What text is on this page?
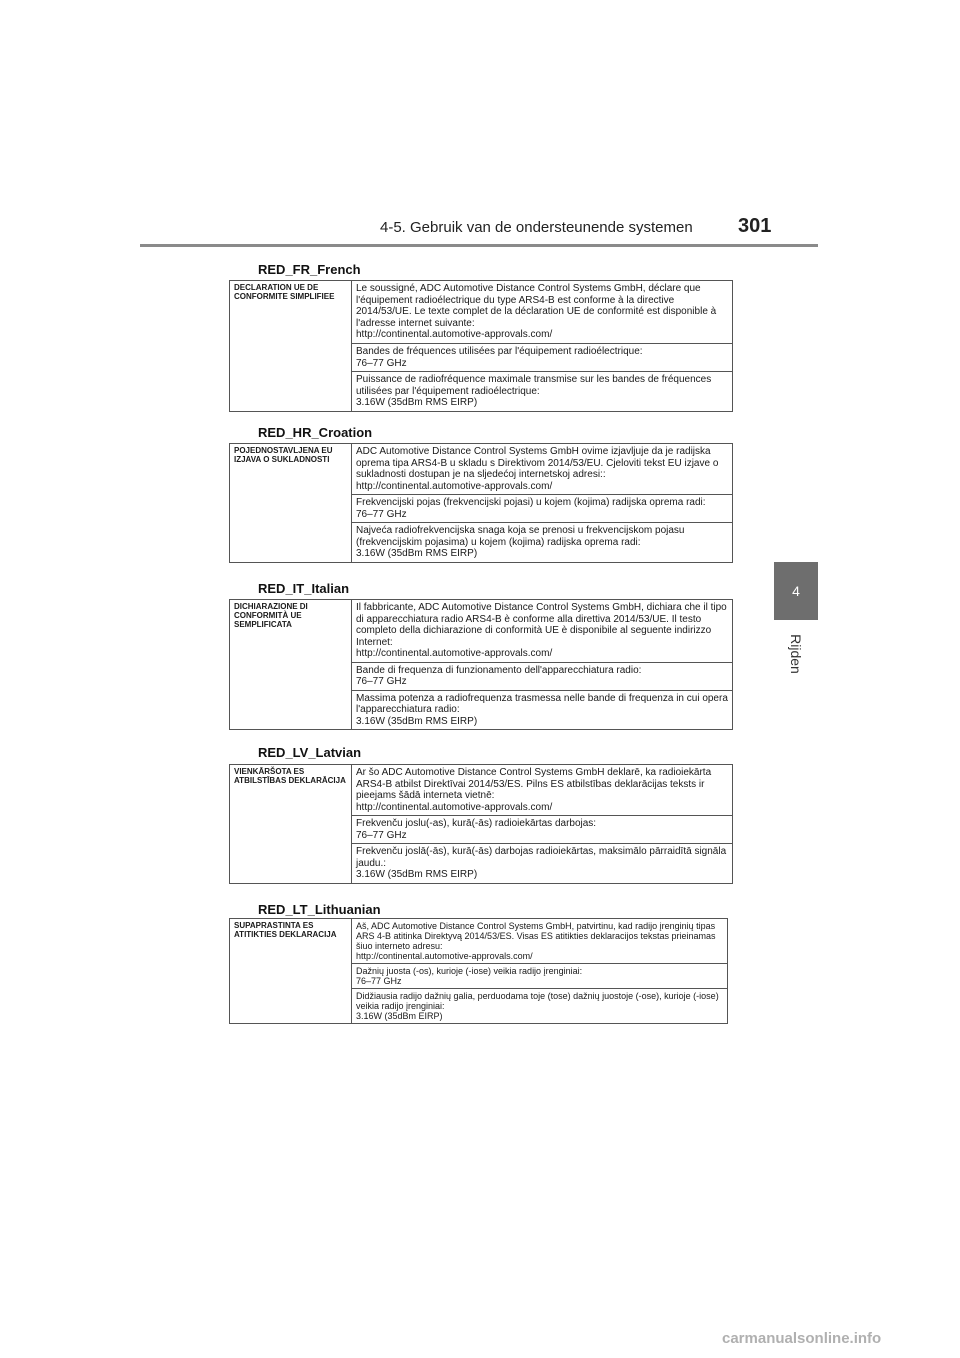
4-5. Gebruik van de ondersteunende systemen 301
4
Rijden
RED_FR_French
DECLARATION UE DE CONFORMITE SIMPLIFIEE	Le soussigné, ADC Automotive Distance Control Systems GmbH, déclare que l'équipement radioélectrique du type ARS4-B est conforme à la directive 2014/53/UE. Le texte complet de la déclaration UE de conformité est disponible à l'adresse internet suivante:
http://continental.automotive-approvals.com/
Bandes de fréquences utilisées par l'équipement radioélectrique:
76–77 GHz
Puissance de radiofréquence maximale transmise sur les bandes de fréquences utilisées par l'équipement radioélectrique:
3.16W (35dBm RMS EIRP)
RED_HR_Croation
POJEDNOSTAVLJENA EU IZJAVA O SUKLADNOSTI	ADC Automotive Distance Control Systems GmbH ovime izjavljuje da je radijska oprema tipa ARS4-B u skladu s Direktivom 2014/53/EU. Cjeloviti tekst EU izjave o sukladnosti dostupan je na sljedećoj internetskoj adresi::
http://continental.automotive-approvals.com/
Frekvencijski pojas (frekvencijski pojasi) u kojem (kojima) radijska oprema radi:
76–77 GHz
Najveća radiofrekvencijska snaga koja se prenosi u frekvencijskom pojasu (frekvencijskim pojasima) u kojem (kojima) radijska oprema radi:
3.16W (35dBm RMS EIRP)
RED_IT_Italian
DICHIARAZIONE DI CONFORMITÀ UE SEMPLIFICATA	Il fabbricante, ADC Automotive Distance Control Systems GmbH, dichiara che il tipo di apparecchiatura radio ARS4-B è conforme alla direttiva 2014/53/UE. Il testo completo della dichiarazione di conformità UE è disponibile al seguente indirizzo Internet:
http://continental.automotive-approvals.com/
Bande di frequenza di funzionamento dell'apparecchiatura radio:
76–77 GHz
Massima potenza a radiofrequenza trasmessa nelle bande di frequenza in cui opera l'apparecchiatura radio:
3.16W (35dBm RMS EIRP)
RED_LV_Latvian
VIENKĀRŠOTA ES ATBILSTĪBAS DEKLARĀCIJA	Ar šo ADC Automotive Distance Control Systems GmbH deklarē, ka radioiekārta ARS4-B atbilst Direktīvai 2014/53/ES. Pilns ES atbilstības deklarācijas teksts ir pieejams šādā interneta vietnē:
http://continental.automotive-approvals.com/
Frekvenču joslu(-as), kurā(-ās) radioiekārtas darbojas:
76–77 GHz
Frekvenču joslā(-ās), kurā(-ās) darbojas radioiekārtas, maksimālo pārraidītā signāla jaudu.:
3.16W (35dBm RMS EIRP)
RED_LT_Lithuanian
SUPAPRASTINTA ES ATITIKTIES DEKLARACIJA	Aš, ADC Automotive Distance Control Systems GmbH, patvirtinu, kad radijo įrenginių tipas ARS 4-B atitinka Direktyvą 2014/53/ES. Visas ES atitikties deklaracijos tekstas prieinamas šiuo interneto adresu:
http://continental.automotive-approvals.com/
Dažnių juosta (-os), kurioje (-iose) veikia radijo įrenginiai:
76–77 GHz
Didžiausia radijo dažnių galia, perduodama toje (tose) dažnių juostoje (-ose), kurioje (-iose) veikia radijo įrenginiai:
3.16W (35dBm EIRP)
carmanualsonline.info
